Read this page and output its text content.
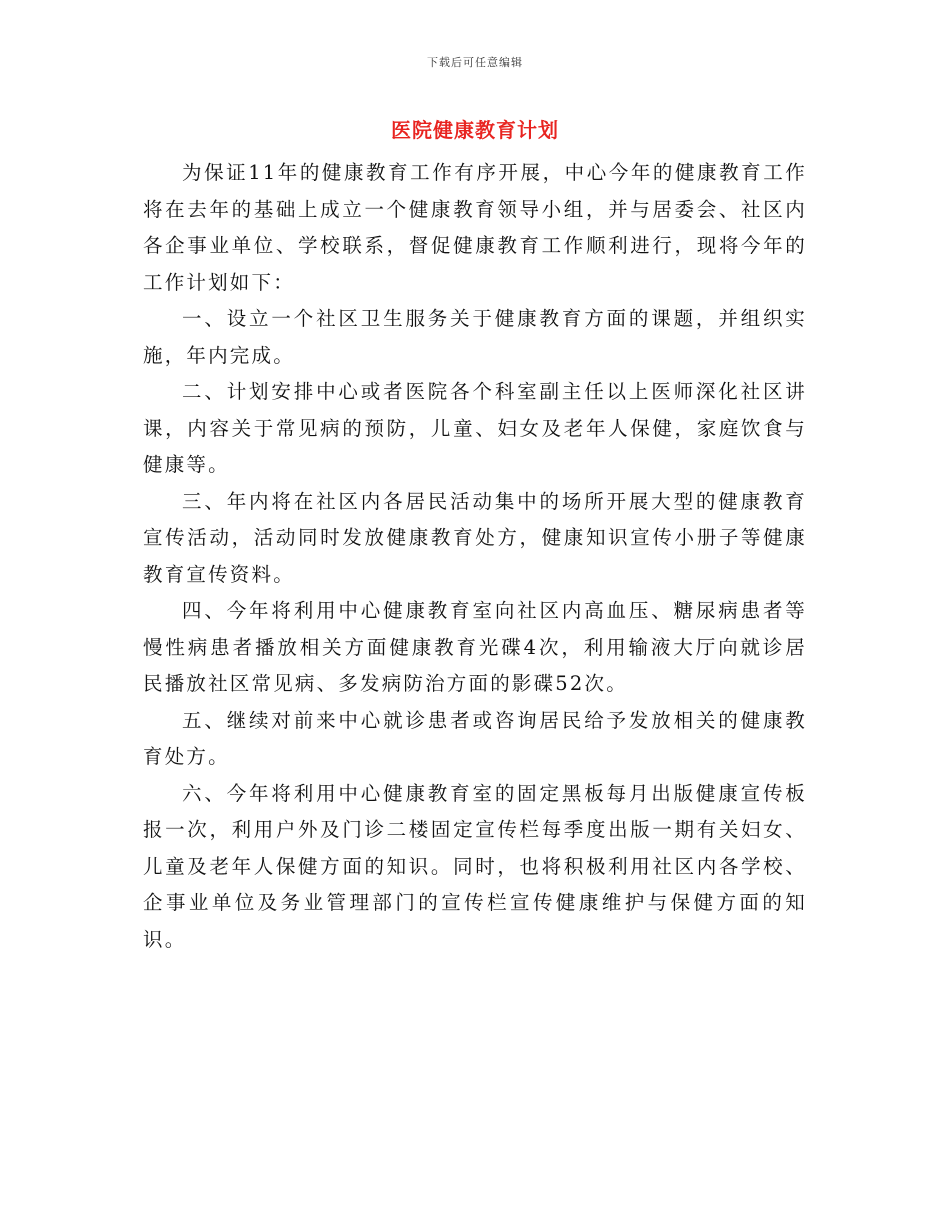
下载后可任意编辑
医院健康教育计划

为保证11年的健康教育工作有序开展，中心今年的健康教育工作将在去年的基础上成立一个健康教育领导小组，并与居委会、社区内各企事业单位、学校联系，督促健康教育工作顺利进行，现将今年的工作计划如下：

一、设立一个社区卫生服务关于健康教育方面的课题，并组织实施，年内完成。

二、计划安排中心或者医院各个科室副主任以上医师深化社区讲课，内容关于常见病的预防，儿童、妇女及老年人保健，家庭饮食与健康等。

三、年内将在社区内各居民活动集中的场所开展大型的健康教育宣传活动，活动同时发放健康教育处方，健康知识宣传小册子等健康教育宣传资料。

四、今年将利用中心健康教育室向社区内高血压、糖尿病患者等慢性病患者播放相关方面健康教育光碟4次，利用输液大厅向就诊居民播放社区常见病、多发病防治方面的影碟52次。

五、继续对前来中心就诊患者或咨询居民给予发放相关的健康教育处方。

六、今年将利用中心健康教育室的固定黑板每月出版健康宣传板报一次，利用户外及门诊二楼固定宣传栏每季度出版一期有关妇女、儿童及老年人保健方面的知识。同时，也将积极利用社区内各学校、企事业单位及务业管理部门的宣传栏宣传健康维护与保健方面的知识。
